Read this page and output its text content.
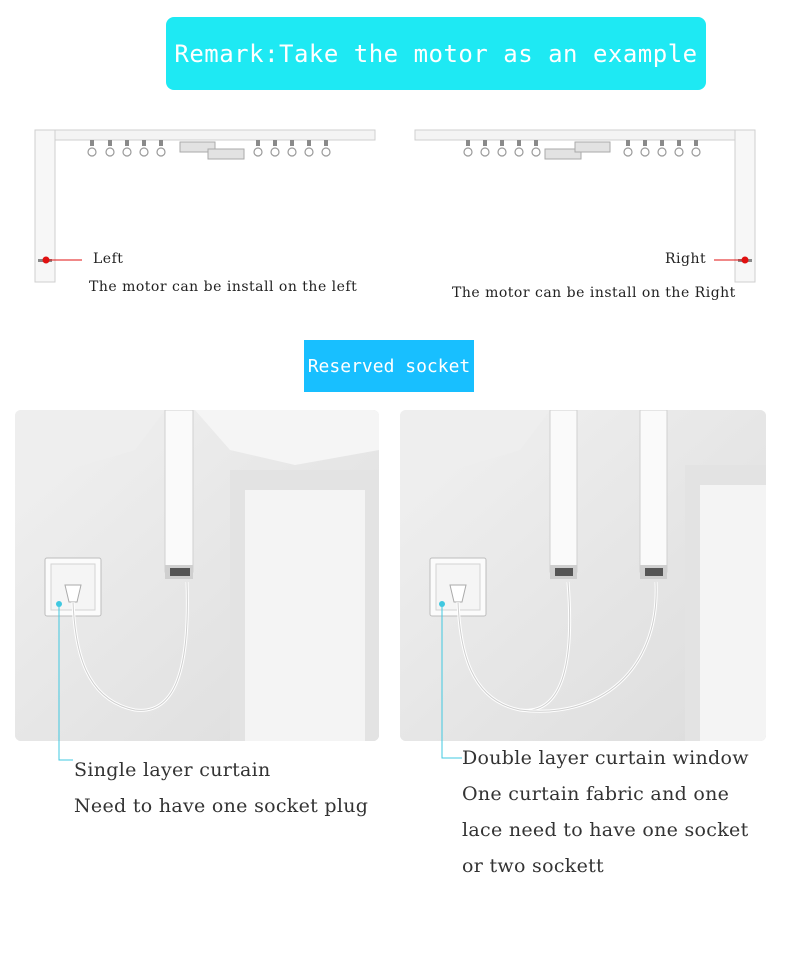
Remark:Take the motor as an example
Left
The motor can be install on the left
Right
The motor can be install on the Right
Reserved socket
Single layer curtain
Need to have one socket plug
Double layer curtain window
One curtain fabric and one
lace need to have one socket
or two sockett
